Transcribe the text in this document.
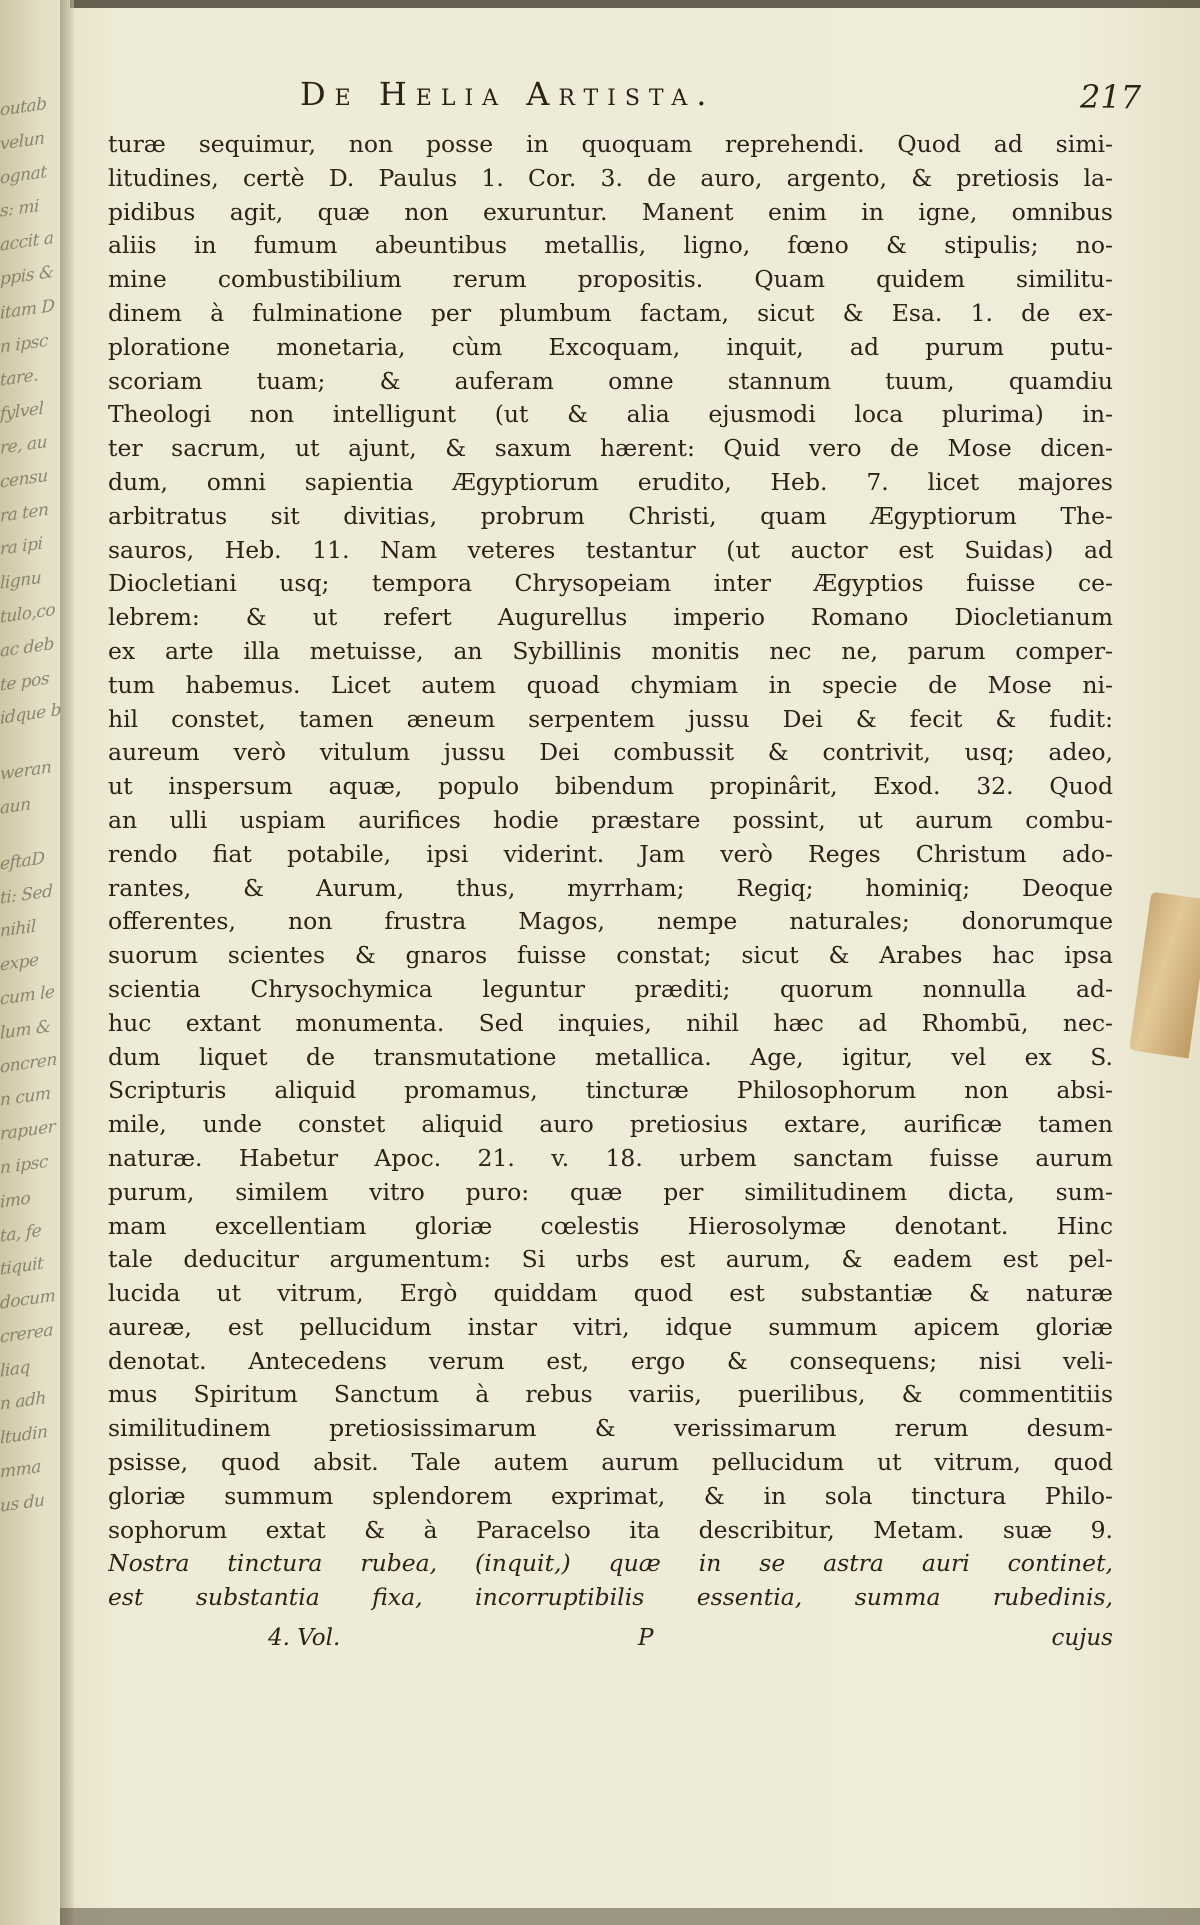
outab
velun
ognat
s: mi
accit a
ppis &
itam D
n ipsc
tare.
fylvel
re, au
censu
ra ten
ra ipi
lignu
tulo,co
ac deb
te pos
idque b
weran
aun
eftaD
ti: Sed
nihil
expe
cum le
lum &
oncren
n cum
rapuer
n ipsc
imo
ta, fe
tiquit
docum
crerea
liaq
n adh
ltudin
mma
us du
De Helia Artista.	217
turæ sequimur, non posse in quoquam reprehendi. Quod ad simi-
litudines, certè D. Paulus 1. Cor. 3. de auro, argento, & pretiosis la-
pidibus agit, quæ non exuruntur. Manent enim in igne, omnibus
aliis in fumum abeuntibus metallis, ligno, fœno & stipulis; no-
mine combustibilium rerum propositis. Quam quidem similitu-
dinem à fulminatione per plumbum factam, sicut & Esa. 1. de ex-
ploratione monetaria, cùm Excoquam, inquit, ad purum putu-
scoriam tuam; & auferam omne stannum tuum, quamdiu
Theologi non intelligunt (ut & alia ejusmodi loca plurima) in-
ter sacrum, ut ajunt, & saxum hærent: Quid vero de Mose dicen-
dum, omni sapientia Ægyptiorum erudito, Heb. 7. licet majores
arbitratus sit divitias, probrum Christi, quam Ægyptiorum The-
sauros, Heb. 11. Nam veteres testantur (ut auctor est Suidas) ad
Diocletiani usq; tempora Chrysopeiam inter Ægyptios fuisse ce-
lebrem: & ut refert Augurellus imperio Romano Diocletianum
ex arte illa metuisse, an Sybillinis monitis nec ne, parum comper-
tum habemus. Licet autem quoad chymiam in specie de Mose ni-
hil constet, tamen æneum serpentem jussu Dei & fecit & fudit:
aureum verò vitulum jussu Dei combussit & contrivit, usq; adeo,
ut inspersum aquæ, populo bibendum propinârit, Exod. 32. Quod
an ulli uspiam aurifices hodie præstare possint, ut aurum combu-
rendo fiat potabile, ipsi viderint. Jam verò Reges Christum ado-
rantes, & Aurum, thus, myrrham; Regiq; hominiq; Deoque
offerentes, non frustra Magos, nempe naturales; donorumque
suorum scientes & gnaros fuisse constat; sicut & Arabes hac ipsa
scientia Chrysochymica leguntur præditi; quorum nonnulla ad-
huc extant monumenta. Sed inquies, nihil hæc ad Rhombū, nec-
dum liquet de transmutatione metallica. Age, igitur, vel ex S.
Scripturis aliquid promamus, tincturæ Philosophorum non absi-
mile, unde constet aliquid auro pretiosius extare, aurificæ tamen
naturæ. Habetur Apoc. 21. v. 18. urbem sanctam fuisse aurum
purum, similem vitro puro: quæ per similitudinem dicta, sum-
mam excellentiam gloriæ cœlestis Hierosolymæ denotant. Hinc
tale deducitur argumentum: Si urbs est aurum, & eadem est pel-
lucida ut vitrum, Ergò quiddam quod est substantiæ & naturæ
aureæ, est pellucidum instar vitri, idque summum apicem gloriæ
denotat. Antecedens verum est, ergo & consequens; nisi veli-
mus Spiritum Sanctum à rebus variis, puerilibus, & commentitiis
similitudinem pretiosissimarum & verissimarum rerum desum-
psisse, quod absit. Tale autem aurum pellucidum ut vitrum, quod
gloriæ summum splendorem exprimat, & in sola tinctura Philo-
sophorum extat & à Paracelso ita describitur, Metam. suæ 9.
Nostra tinctura rubea, (inquit,) quæ in se astra auri continet,
est substantia fixa, incorruptibilis essentia, summa rubedinis,
4. Vol.	P	cujus
